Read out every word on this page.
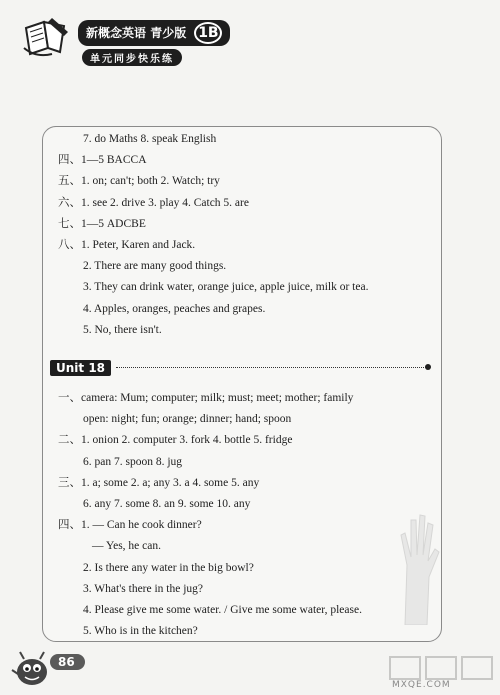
新概念英语 青少版 1B 单元同步快乐练
7. do Maths 8. speak English
四、1—5 BACCA
五、1. on; can't; both 2. Watch; try
六、1. see 2. drive 3. play 4. Catch 5. are
七、1—5 ADCBE
八、1. Peter, Karen and Jack.
2. There are many good things.
3. They can drink water, orange juice, apple juice, milk or tea.
4. Apples, oranges, peaches and grapes.
5. No, there isn't.
Unit 18
一、camera: Mum; computer; milk; must; meet; mother; family
open: night; fun; orange; dinner; hand; spoon
二、1. onion 2. computer 3. fork 4. bottle 5. fridge
6. pan 7. spoon 8. jug
三、1. a; some 2. a; any 3. a 4. some 5. any
6. any 7. some 8. an 9. some 10. any
四、1. — Can he cook dinner?
— Yes, he can.
2. Is there any water in the big bowl?
3. What's there in the jug?
4. Please give me some water. / Give me some water, please.
5. Who is in the kitchen?
86
MXQE.COM
